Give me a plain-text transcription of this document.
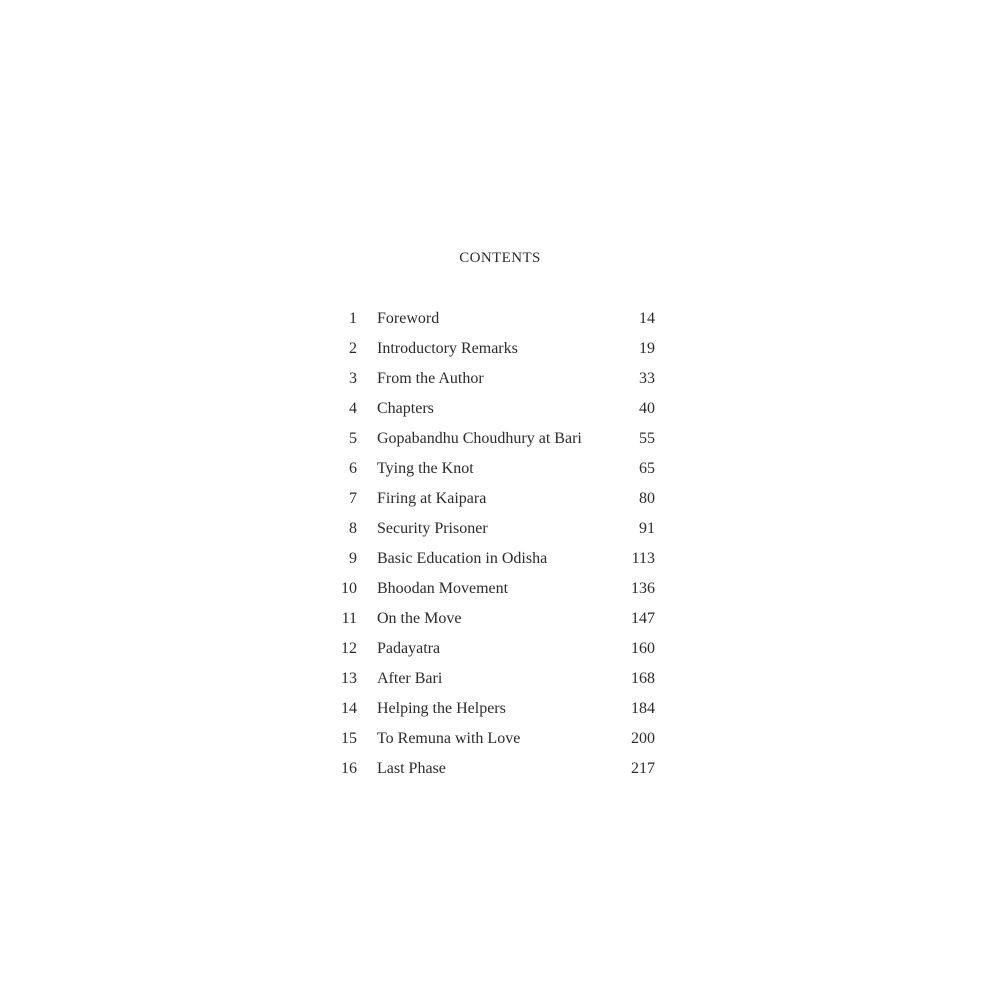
CONTENTS
1 Foreword	14
2 Introductory Remarks	19
3 From the Author	33
4 Chapters	40
5 Gopabandhu Choudhury at Bari	55
6 Tying the Knot	65
7 Firing at Kaipara	80
8 Security Prisoner	91
9 Basic Education in Odisha	113
10 Bhoodan Movement	136
11 On the Move	147
12 Padayatra	160
13 After Bari	168
14 Helping the Helpers	184
15 To Remuna with Love	200
16 Last Phase	217
